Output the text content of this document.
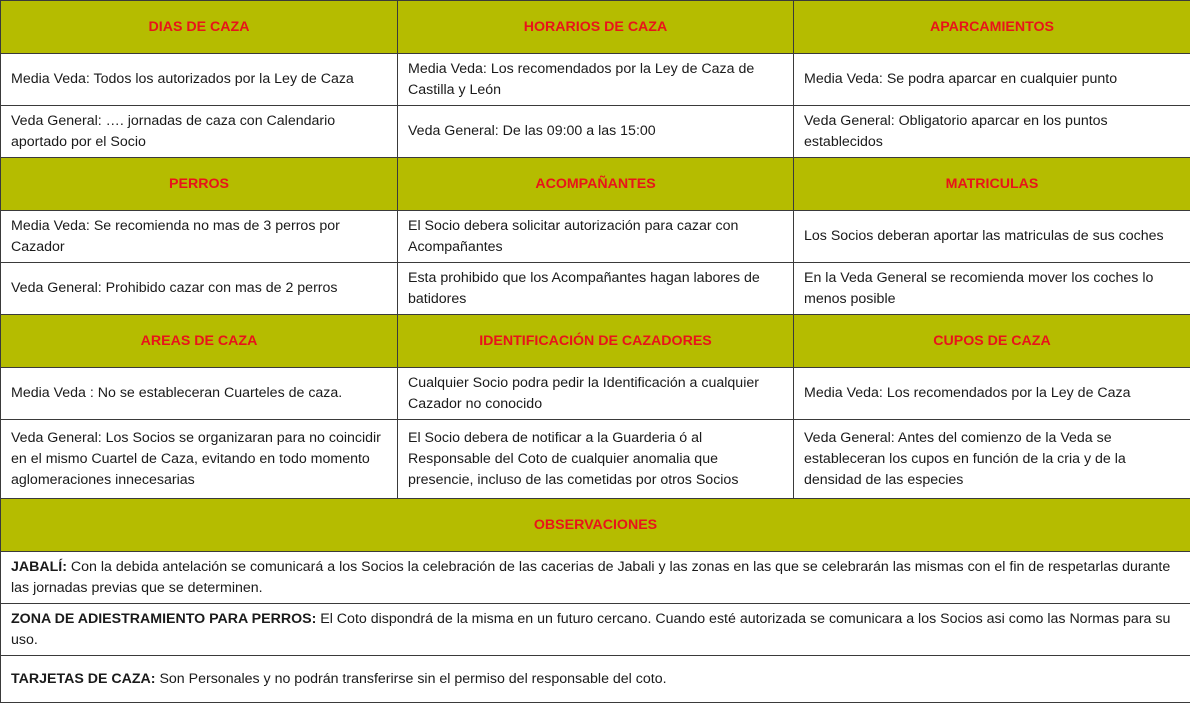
DIAS DE CAZA	HORARIOS DE CAZA	APARCAMIENTOS
Media Veda: Todos los autorizados por la Ley de Caza	Media Veda: Los recomendados por la Ley de Caza de Castilla y León	Media Veda: Se podra aparcar en cualquier punto
Veda General: …. jornadas de caza con Calendario aportado por el Socio	Veda General: De las 09:00 a las 15:00	Veda General: Obligatorio aparcar en los puntos establecidos
PERROS	ACOMPAÑANTES	MATRICULAS
Media Veda: Se recomienda no mas de 3 perros por Cazador	El Socio debera solicitar autorización para cazar con Acompañantes	Los Socios deberan aportar las matriculas de sus coches
Veda General: Prohibido cazar con mas de 2 perros	Esta prohibido que los Acompañantes hagan labores de batidores	En la Veda General se recomienda mover los coches lo menos posible
AREAS DE CAZA	IDENTIFICACIÓN DE CAZADORES	CUPOS DE CAZA
Media Veda : No se estableceran Cuarteles de caza.	Cualquier Socio podra pedir la Identificación a cualquier Cazador no conocido	Media Veda: Los recomendados por la Ley de Caza
Veda General: Los Socios se organizaran para no coincidir en el mismo Cuartel de Caza, evitando en todo momento aglomeraciones innecesarias	El Socio debera de notificar a la Guarderia ó al Responsable del Coto de cualquier anomalia que presencie, incluso de las cometidas por otros Socios	Veda General: Antes del comienzo de la Veda se estableceran los cupos en función de la cria y de la densidad de las especies
OBSERVACIONES		
JABALÍ: Con la debida antelación se comunicará a los Socios la celebración de las cacerias de Jabali y las zonas en las que se celebrarán las mismas con el fin de respetarlas durante las jornadas previas que se determinen.		
ZONA DE ADIESTRAMIENTO PARA PERROS: El Coto dispondrá de la misma en un futuro cercano. Cuando esté autorizada se comunicara a los Socios asi como las Normas para su uso.		
TARJETAS DE CAZA: Son Personales y no podrán transferirse sin el permiso del responsable del coto.		
